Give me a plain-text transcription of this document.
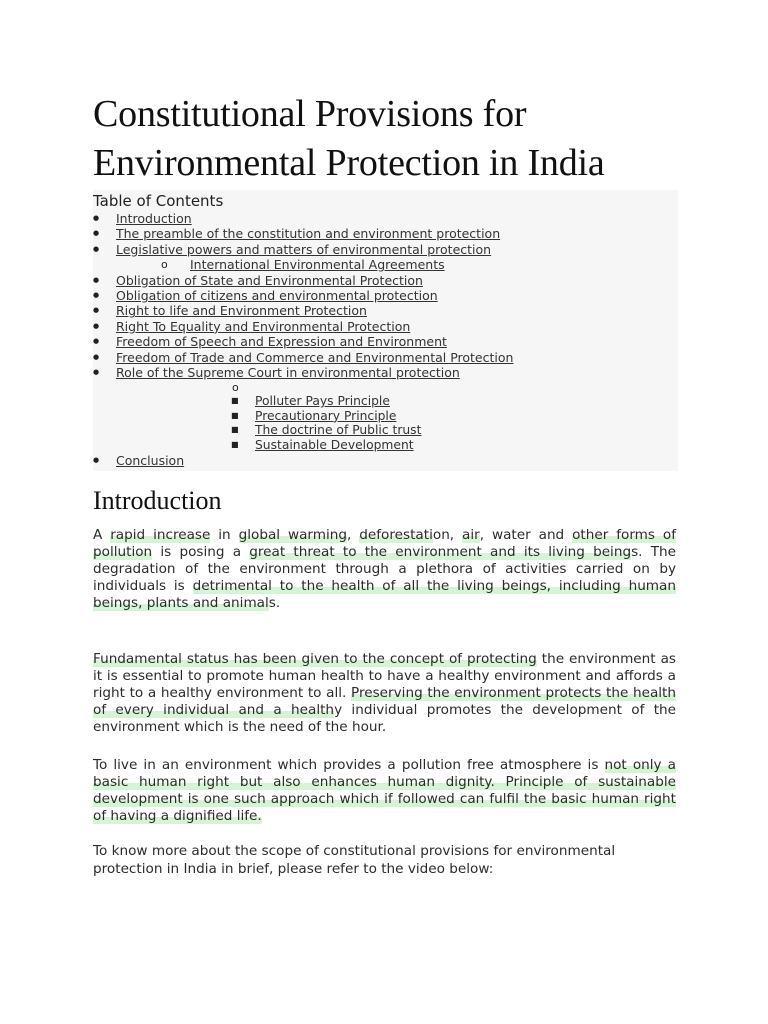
Constitutional Provisions for Environmental Protection in India
Table of Contents
● Introduction
● The preamble of the constitution and environment protection
● Legislative powers and matters of environmental protection
o International Environmental Agreements
● Obligation of State and Environmental Protection
● Obligation of citizens and environmental protection
● Right to life and Environment Protection
● Right To Equality and Environmental Protection
● Freedom of Speech and Expression and Environment
● Freedom of Trade and Commerce and Environmental Protection
● Role of the Supreme Court in environmental protection
o
■ Polluter Pays Principle
■ Precautionary Principle
■ The doctrine of Public trust
■ Sustainable Development
● Conclusion
Introduction

A rapid increase in global warming, deforestation, air, water and other forms of pollution is posing a great threat to the environment and its living beings. The degradation of the environment through a plethora of activities carried on by individuals is detrimental to the health of all the living beings, including human beings, plants and animals.

Fundamental status has been given to the concept of protecting the environment as it is essential to promote human health to have a healthy environment and affords a right to a healthy environment to all. Preserving the environment protects the health of every individual and a healthy individual promotes the development of the environment which is the need of the hour.

To live in an environment which provides a pollution free atmosphere is not only a basic human right but also enhances human dignity. Principle of sustainable development is one such approach which if followed can fulfil the basic human right of having a dignified life.

To know more about the scope of constitutional provisions for environmental protection in India in brief, please refer to the video below:
